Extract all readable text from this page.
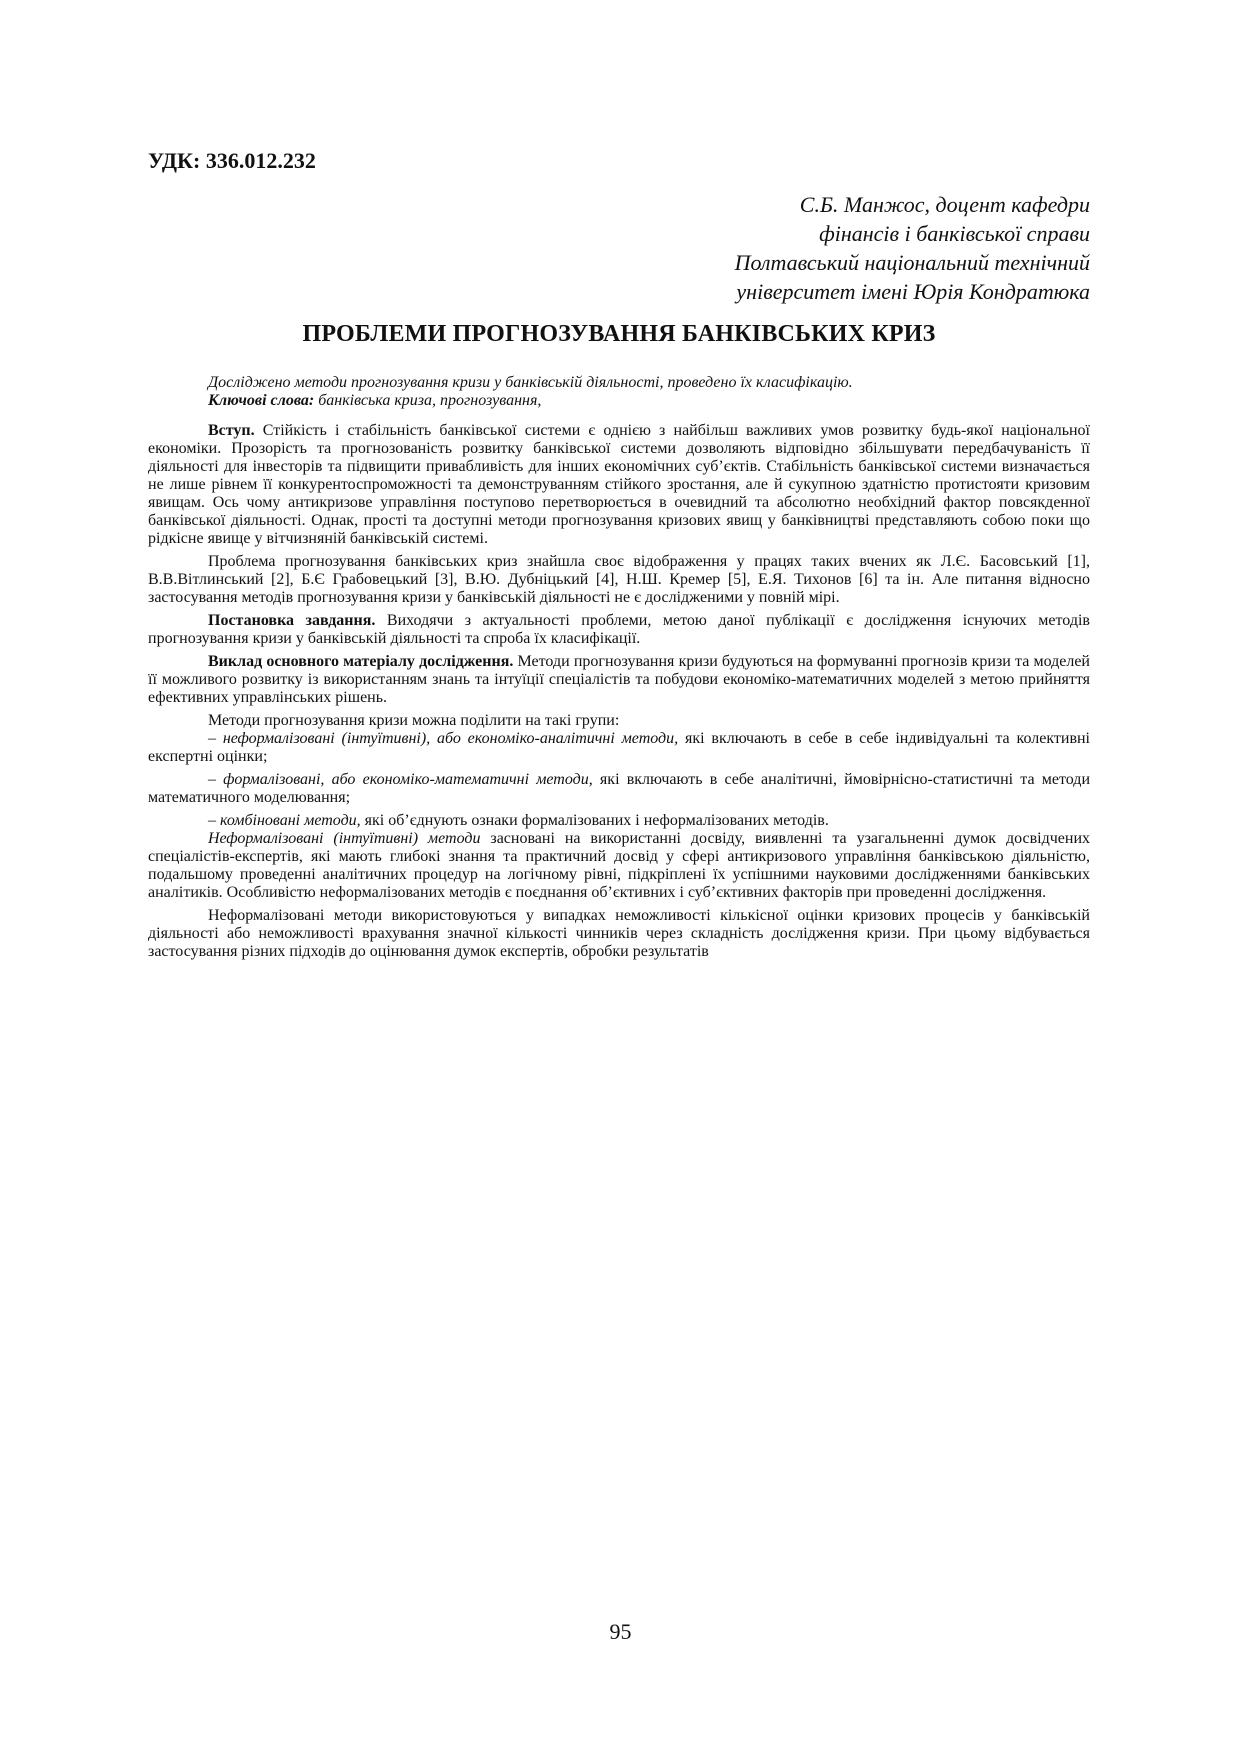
УДК: 336.012.232
С.Б. Манжос, доцент кафедри
фінансів і банківської справи
Полтавський національний технічний
університет імені Юрія Кондратюка
ПРОБЛЕМИ ПРОГНОЗУВАННЯ БАНКІВСЬКИХ КРИЗ

Досліджено методи прогнозування кризи у банківській діяльності, проведено їх класифікацію.

Ключові слова: банківська криза, прогнозування,

Вступ. Стійкість і стабільність банківської системи є однією з найбільш важливих умов розвитку будь-якої національної економіки. Прозорість та прогнозованість розвитку банківської системи дозволяють відповідно збільшувати передбачуваність її діяльності для інвесторів та підвищити привабливість для інших економічних суб’єктів. Стабільність банківської системи визначається не лише рівнем її конкурентоспроможності та демонструванням стійкого зростання, але й сукупною здатністю протистояти кризовим явищам. Ось чому антикризове управління поступово перетворюється в очевидний та абсолютно необхідний фактор повсякденної банківської діяльності. Однак, прості та доступні методи прогнозування кризових явищ у банківництві представляють собою поки що рідкісне явище у вітчизняній банківській системі.

Проблема прогнозування банківських криз знайшла своє відображення у працях таких вчених як Л.Є. Басовський [1], В.В.Вітлинський [2], Б.Є Грабовецький [3], В.Ю. Дубніцький [4], Н.Ш. Кремер [5], Е.Я. Тихонов [6] та ін. Але питання відносно застосування методів прогнозування кризи у банківській діяльності не є дослідженими у повній мірі.

Постановка завдання. Виходячи з актуальності проблеми, метою даної публікації є дослідження існуючих методів прогнозування кризи у банківській діяльності та спроба їх класифікації.

Виклад основного матеріалу дослідження. Методи прогнозування кризи будуються на формуванні прогнозів кризи та моделей її можливого розвитку із використанням знань та інтуїції спеціалістів та побудови економіко-математичних моделей з метою прийняття ефективних управлінських рішень.

Методи прогнозування кризи можна поділити на такі групи:

– неформалізовані (інтуїтивні), або економіко-аналітичні методи, які включають в себе в себе індивідуальні та колективні експертні оцінки;

– формалізовані, або економіко-математичні методи, які включають в себе аналітичні, ймовірнісно-статистичні та методи математичного моделювання;

– комбіновані методи, які об’єднують ознаки формалізованих і неформалізованих методів.

Неформалізовані (інтуїтивні) методи засновані на використанні досвіду, виявленні та узагальненні думок досвідчених спеціалістів-експертів, які мають глибокі знання та практичний досвід у сфері антикризового управління банківською діяльністю, подальшому проведенні аналітичних процедур на логічному рівні, підкріплені їх успішними науковими дослідженнями банківських аналітиків. Особливістю неформалізованих методів є поєднання об’єктивних і суб’єктивних факторів при проведенні дослідження.

Неформалізовані методи використовуються у випадках неможливості кількісної оцінки кризових процесів у банківській діяльності або неможливості врахування значної кількості чинників через складність дослідження кризи. При цьому відбувається застосування різних підходів до оцінювання думок експертів, обробки результатів

95
